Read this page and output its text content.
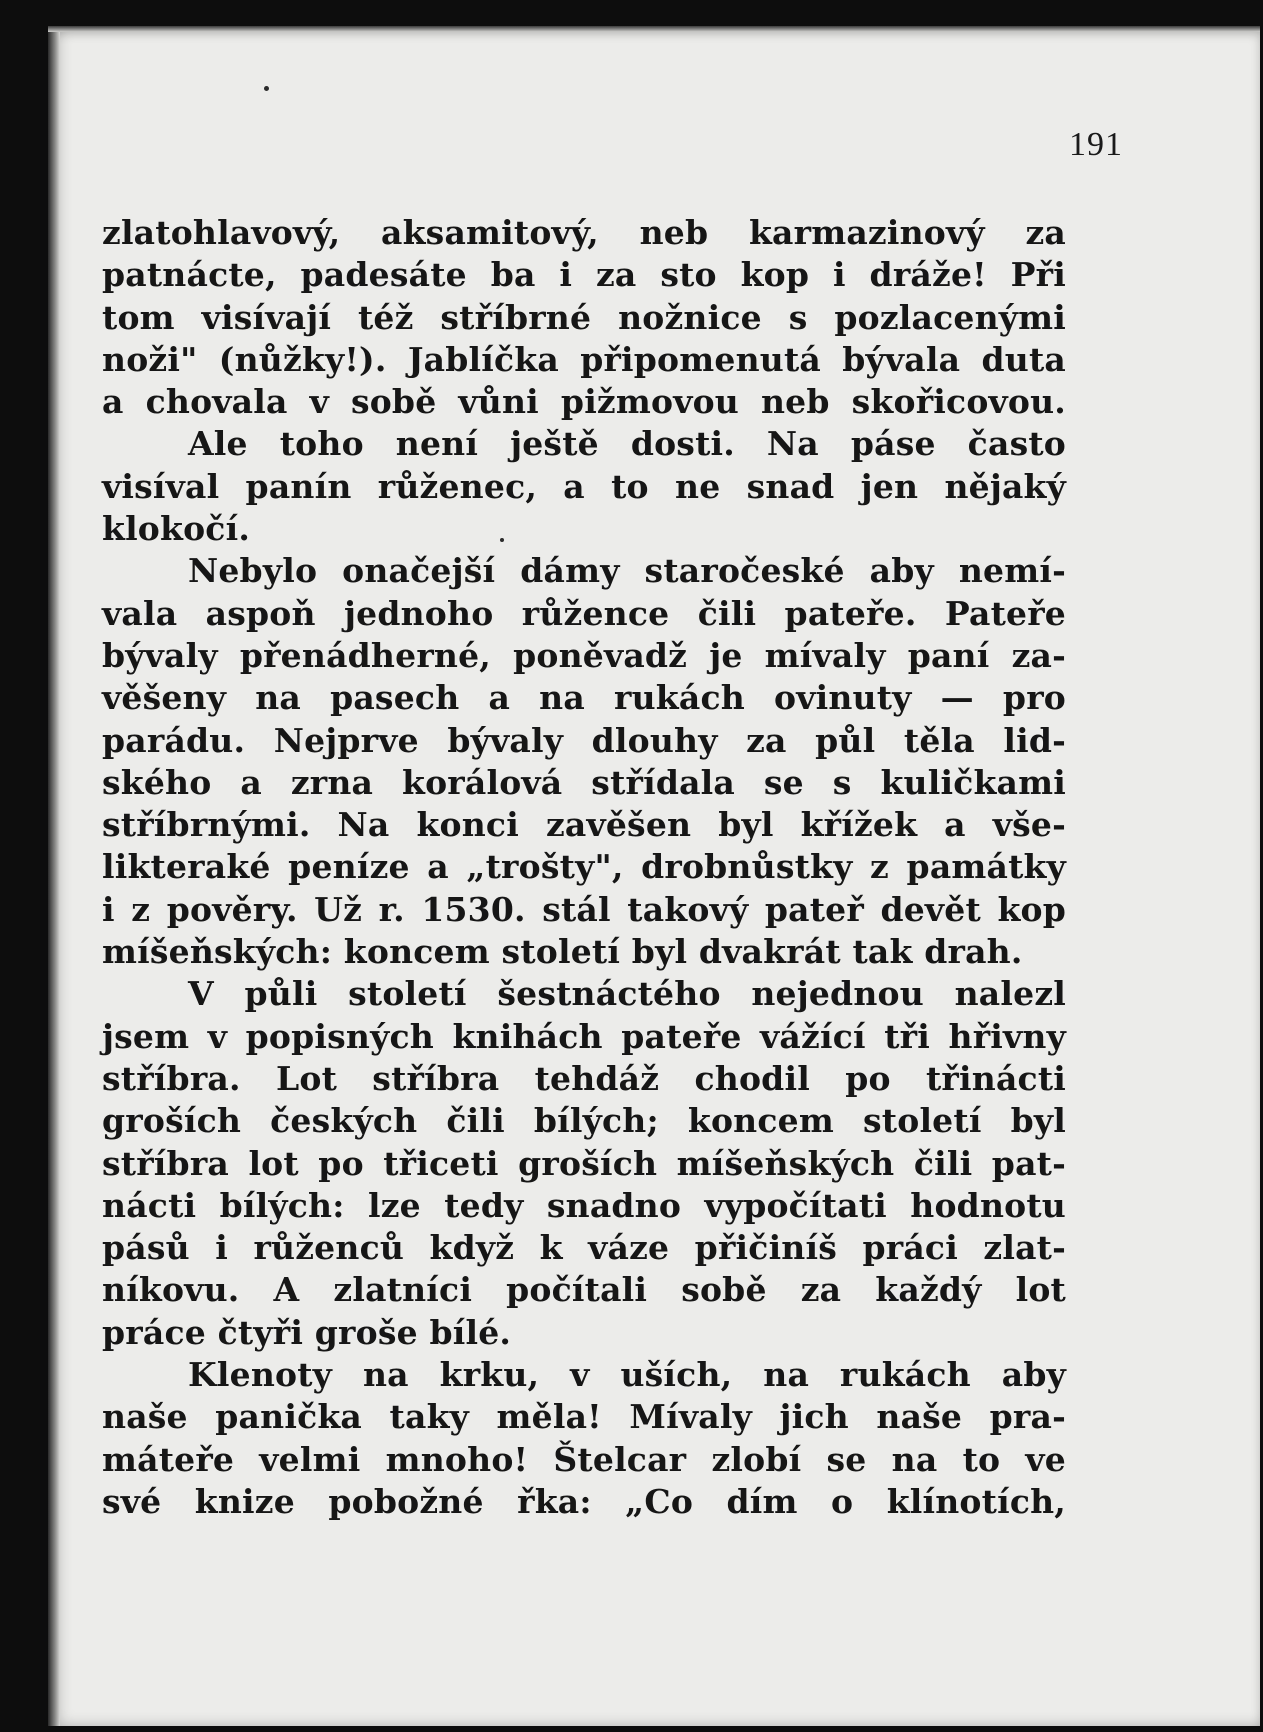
191
zlatohlavový, aksamitový, neb karmazinový za
patnácte, padesáte ba i za sto kop i dráže! Při
tom visívají též stříbrné nožnice s pozlacenými
noži" (nůžky!). Jablíčka připomenutá bývala duta
a chovala v sobě vůni pižmovou neb skořicovou.
Ale toho není ještě dosti. Na páse často
visíval panín růženec, a to ne snad jen nějaký
klokočí.
Nebylo onačejší dámy staročeské aby nemí-
vala aspoň jednoho růžence čili pateře. Pateře
bývaly přenádherné, poněvadž je mívaly paní za-
věšeny na pasech a na rukách ovinuty — pro
parádu. Nejprve bývaly dlouhy za půl těla lid-
ského a zrna korálová střídala se s kuličkami
stříbrnými. Na konci zavěšen byl křížek a vše-
likteraké peníze a „trošty", drobnůstky z památky
i z pověry. Už r. 1530. stál takový pateř devět kop
míšeňských: koncem století byl dvakrát tak drah.
V půli století šestnáctého nejednou nalezl
jsem v popisných knihách pateře vážící tři hřivny
stříbra. Lot stříbra tehdáž chodil po třinácti
groších českých čili bílých; koncem století byl
stříbra lot po třiceti groších míšeňských čili pat-
nácti bílých: lze tedy snadno vypočítati hodnotu
pásů i růženců když k váze přičiníš práci zlat-
níkovu. A zlatníci počítali sobě za každý lot
práce čtyři groše bílé.
Klenoty na krku, v uších, na rukách aby
naše panička taky měla! Mívaly jich naše pra-
máteře velmi mnoho! Štelcar zlobí se na to ve
své knize pobožné řka: „Co dím o klínotích,
